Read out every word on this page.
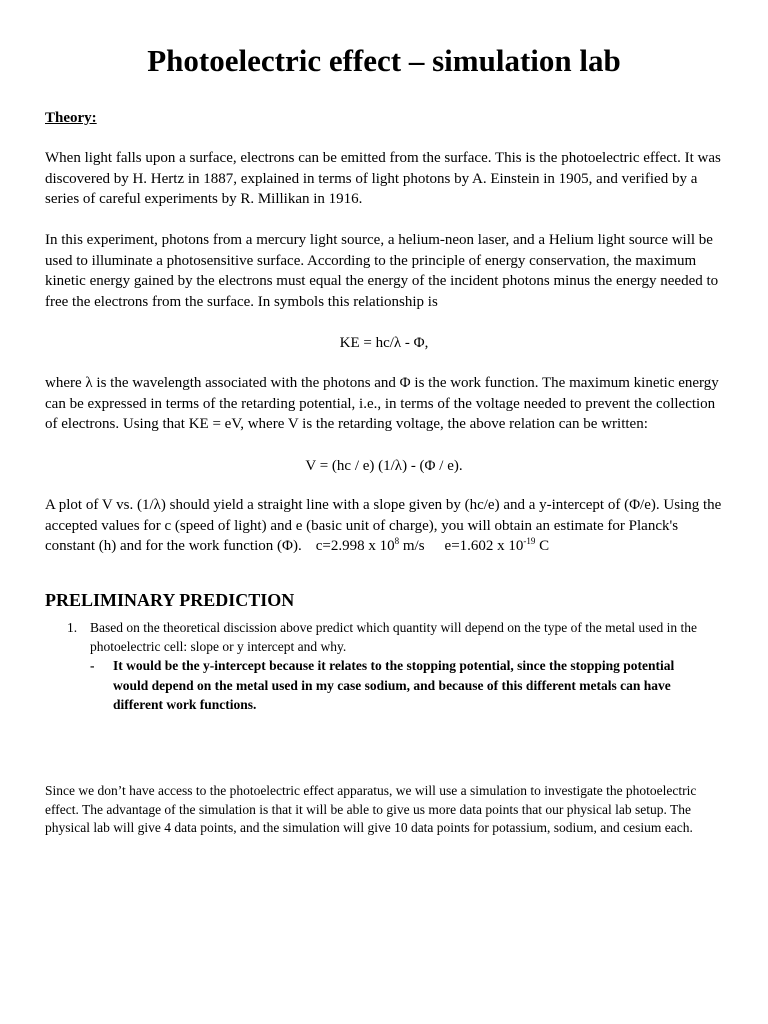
Photoelectric effect – simulation lab
Theory:

When light falls upon a surface, electrons can be emitted from the surface. This is the photoelectric effect. It was discovered by H. Hertz in 1887, explained in terms of light photons by A. Einstein in 1905, and verified by a series of careful experiments by R. Millikan in 1916.

In this experiment, photons from a mercury light source, a helium-neon laser, and a Helium light source will be used to illuminate a photosensitive surface. According to the principle of energy conservation, the maximum kinetic energy gained by the electrons must equal the energy of the incident photons minus the energy needed to free the electrons from the surface. In symbols this relationship is

KE = hc/λ - Φ,

where λ is the wavelength associated with the photons and Φ is the work function. The maximum kinetic energy can be expressed in terms of the retarding potential, i.e., in terms of the voltage needed to prevent the collection of electrons. Using that KE = eV, where V is the retarding voltage, the above relation can be written:

V = (hc / e) (1/λ) - (Φ / e).

A plot of V vs. (1/λ) should yield a straight line with a slope given by (hc/e) and a y-intercept of (Φ/e). Using the accepted values for c (speed of light) and e (basic unit of charge), you will obtain an estimate for Planck's constant (h) and for the work function (Φ). c=2.998 x $10^8$ m/s e=1.602 x $10^{-19}$ C

PRELIMINARY PREDICTION
1. Based on the theoretical discission above predict which quantity will depend on the type of the metal used in the photoelectric cell: slope or y intercept and why.
-	It would be the y-intercept because it relates to the stopping potential, since the stopping potential would depend on the metal used in my case sodium, and because of this different metals can have different work functions.

Since we don’t have access to the photoelectric effect apparatus, we will use a simulation to investigate the photoelectric effect. The advantage of the simulation is that it will be able to give us more data points that our physical lab setup. The physical lab will give 4 data points, and the simulation will give 10 data points for potassium, sodium, and cesium each.
